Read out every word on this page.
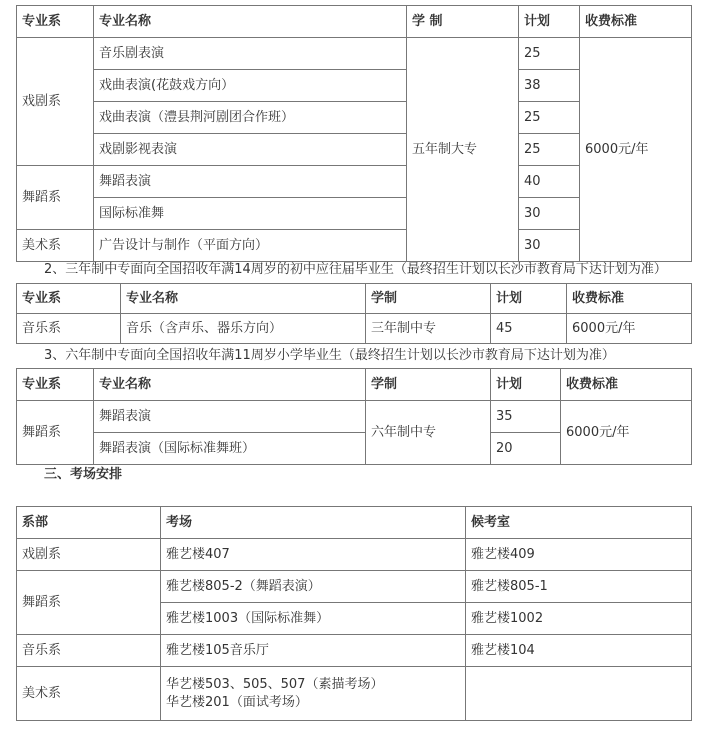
专业系	专业名称	学 制	计划	收费标准
戏剧系	音乐剧表演	五年制大专	25	6000元/年
	戏曲表演(花鼓戏方向）		38	
	戏曲表演（澧县荆河剧团合作班）		25	
	戏剧影视表演		25	
舞蹈系	舞蹈表演		40	
	国际标准舞		30	
美术系	广告设计与制作（平面方向）		30	
2、三年制中专面向全国招收年满14周岁的初中应往届毕业生（最终招生计划以长沙市教育局下达计划为准）
专业系	专业名称	学制	计划	收费标准
音乐系	音乐（含声乐、器乐方向）	三年制中专	45	6000元/年
3、六年制中专面向全国招收年满11周岁小学毕业生（最终招生计划以长沙市教育局下达计划为准）
专业系	专业名称	学制	计划	收费标准
舞蹈系	舞蹈表演	六年制中专	35	6000元/年
	舞蹈表演（国际标准舞班）		20	
三、考场安排
系部	考场	候考室
戏剧系	雅艺楼407	雅艺楼409
舞蹈系	雅艺楼805-2（舞蹈表演）	雅艺楼805-1
	雅艺楼1003（国际标准舞）	雅艺楼1002
音乐系	雅艺楼105音乐厅	雅艺楼104
美术系	华艺楼503、505、507（素描考场）
华艺楼201（面试考场）	
